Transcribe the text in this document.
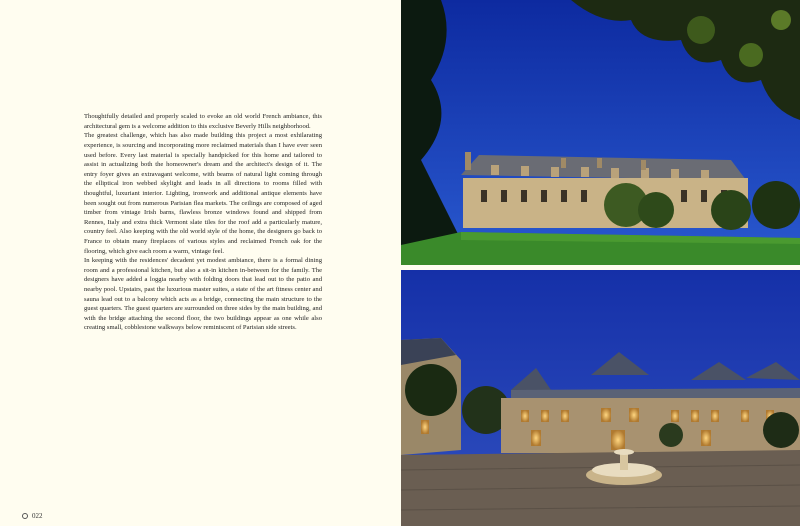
Thoughtfully detailed and properly scaled to evoke an old world French ambiance, this architectural gem is a welcome addition to this exclusive Beverly Hills neighborhood.

The greatest challenge, which has also made building this project a most exhilarating experience, is sourcing and incorporating more reclaimed materials than I have ever seen used before. Every last material is specially handpicked for this home and tailored to assist in actualizing both the homeowner's dream and the architect's design of it. The entry foyer gives an extravagant welcome, with beams of natural light coming through the elliptical iron webbed skylight and leads in all directions to rooms filled with thoughtful, luxuriant interior. Lighting, ironwork and additional antique elements have been sought out from numerous Parisian flea markets. The ceilings are composed of aged timber from vintage Irish barns, flawless bronze windows found and shipped from Rennes, Italy and extra thick Vermont slate tiles for the roof add a particularly mature, country feel. Also keeping with the old world style of the home, the designers go back to France to obtain many fireplaces of various styles and reclaimed French oak for the flooring, which give each room a warm, vintage feel.

In keeping with the residences' decadent yet modest ambiance, there is a formal dining room and a professional kitchen, but also a sit-in kitchen in-between for the family. The designers have added a loggia nearby with folding doors that lead out to the patio and nearby pool. Upstairs, past the luxurious master suites, a state of the art fitness center and sauna lead out to a balcony which acts as a bridge, connecting the main structure to the guest quarters. The guest quarters are surrounded on three sides by the main building, and with the bridge attaching the second floor, the two buildings appear as one while also creating small, cobblestone walkways below reminiscent of Parisian side streets.

022
